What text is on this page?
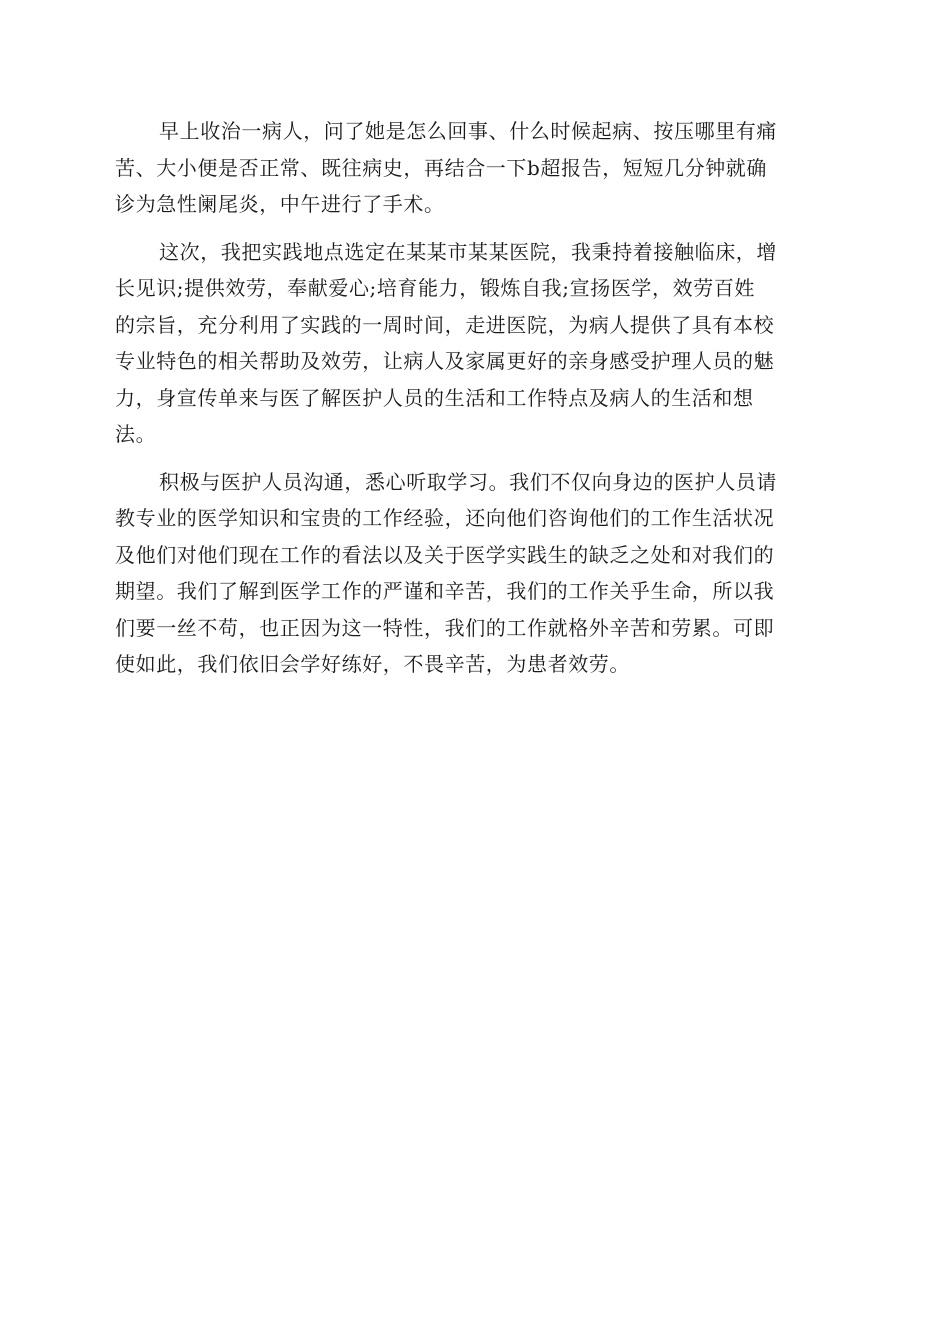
早上收治一病人，问了她是怎么回事、什么时候起病、按压哪里有痛
苦、大小便是否正常、既往病史，再结合一下b超报告，短短几分钟就确
诊为急性阑尾炎，中午进行了手术。

这次，我把实践地点选定在某某市某某医院，我秉持着接触临床，增
长见识;提供效劳，奉献爱心;培育能力，锻炼自我;宣扬医学，效劳百姓
的宗旨，充分利用了实践的一周时间，走进医院，为病人提供了具有本校
专业特色的相关帮助及效劳，让病人及家属更好的亲身感受护理人员的魅
力，身宣传单来与医了解医护人员的生活和工作特点及病人的生活和想
法。

积极与医护人员沟通，悉心听取学习。我们不仅向身边的医护人员请
教专业的医学知识和宝贵的工作经验，还向他们咨询他们的工作生活状况
及他们对他们现在工作的看法以及关于医学实践生的缺乏之处和对我们的
期望。我们了解到医学工作的严谨和辛苦，我们的工作关乎生命，所以我
们要一丝不苟，也正因为这一特性，我们的工作就格外辛苦和劳累。可即
使如此，我们依旧会学好练好，不畏辛苦，为患者效劳。
